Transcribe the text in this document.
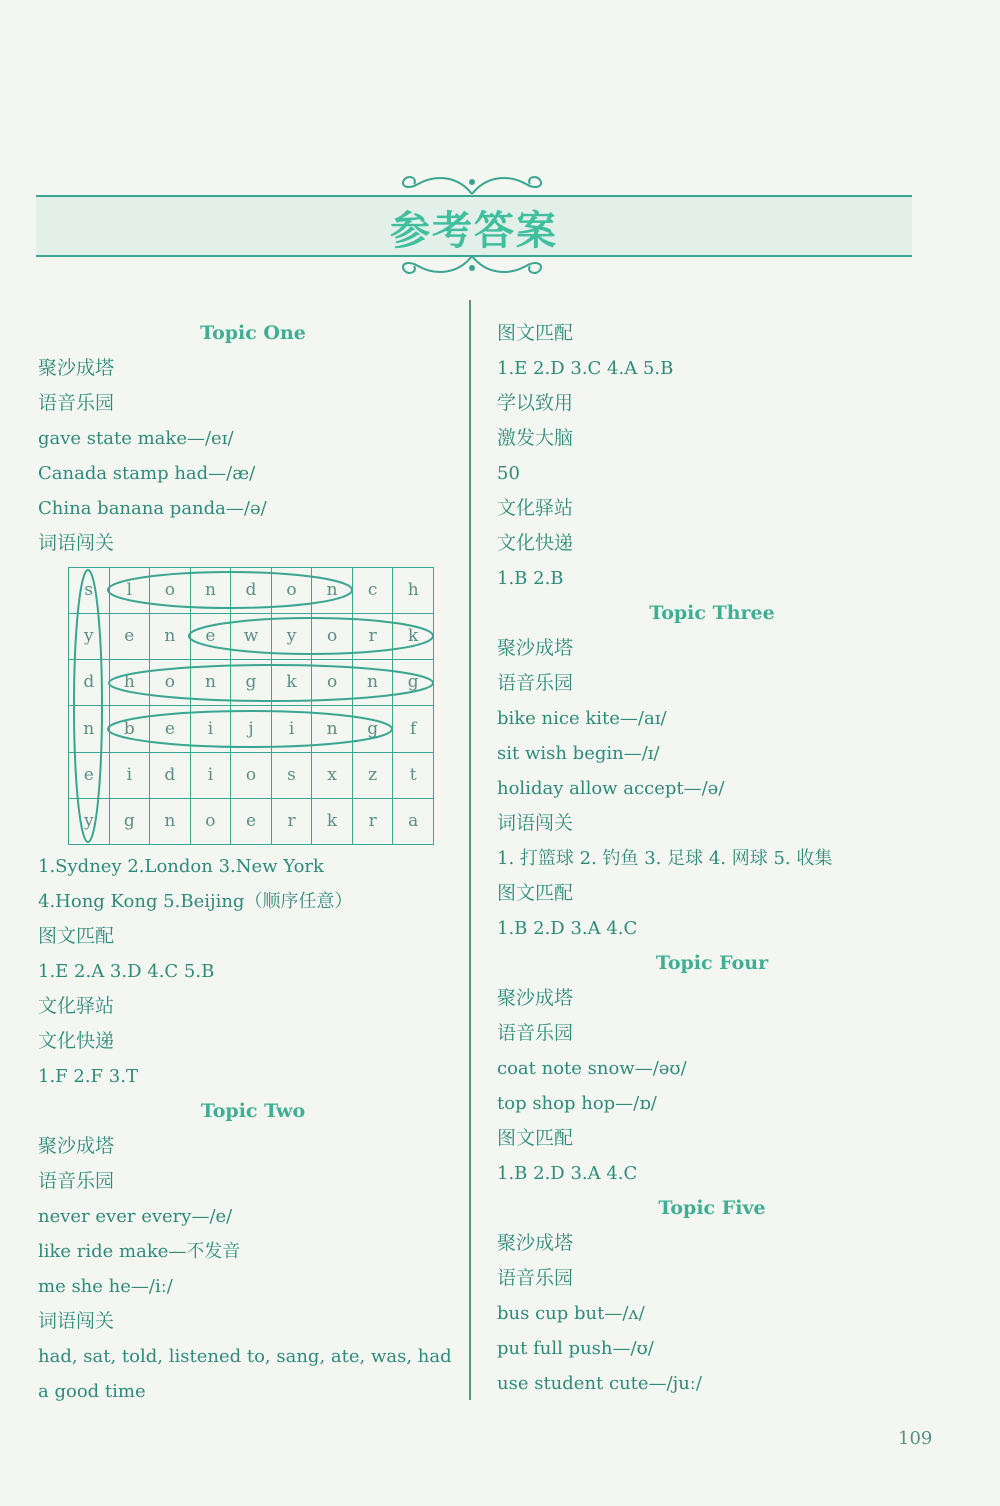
参考答案
Topic One
聚沙成塔
语音乐园
gave state make—/eɪ/
Canada stamp had—/æ/
China banana panda—/ə/
词语闯关
s	l	o	n	d	o	n	c	h
y	e	n	e	w	y	o	r	k
d	h	o	n	g	k	o	n	g
n	b	e	i	j	i	n	g	f
e	i	d	i	o	s	x	z	t
y	g	n	o	e	r	k	r	a
1.Sydney 2.London 3.New York
4.Hong Kong 5.Beijing（顺序任意）
图文匹配
1.E 2.A 3.D 4.C 5.B
文化驿站
文化快递
1.F 2.F 3.T
Topic Two
聚沙成塔
语音乐园
never ever every—/e/
like ride make—不发音
me she he—/iː/
词语闯关
had, sat, told, listened to, sang, ate, was, had a good time
图文匹配
1.E 2.D 3.C 4.A 5.B
学以致用
激发大脑
50
文化驿站
文化快递
1.B 2.B
Topic Three
聚沙成塔
语音乐园
bike nice kite—/aɪ/
sit wish begin—/ɪ/
holiday allow accept—/ə/
词语闯关
1. 打篮球 2. 钓鱼 3. 足球 4. 网球 5. 收集
图文匹配
1.B 2.D 3.A 4.C
Topic Four
聚沙成塔
语音乐园
coat note snow—/əʊ/
top shop hop—/ɒ/
图文匹配
1.B 2.D 3.A 4.C
Topic Five
聚沙成塔
语音乐园
bus cup but—/ʌ/
put full push—/ʊ/
use student cute—/juː/
109
